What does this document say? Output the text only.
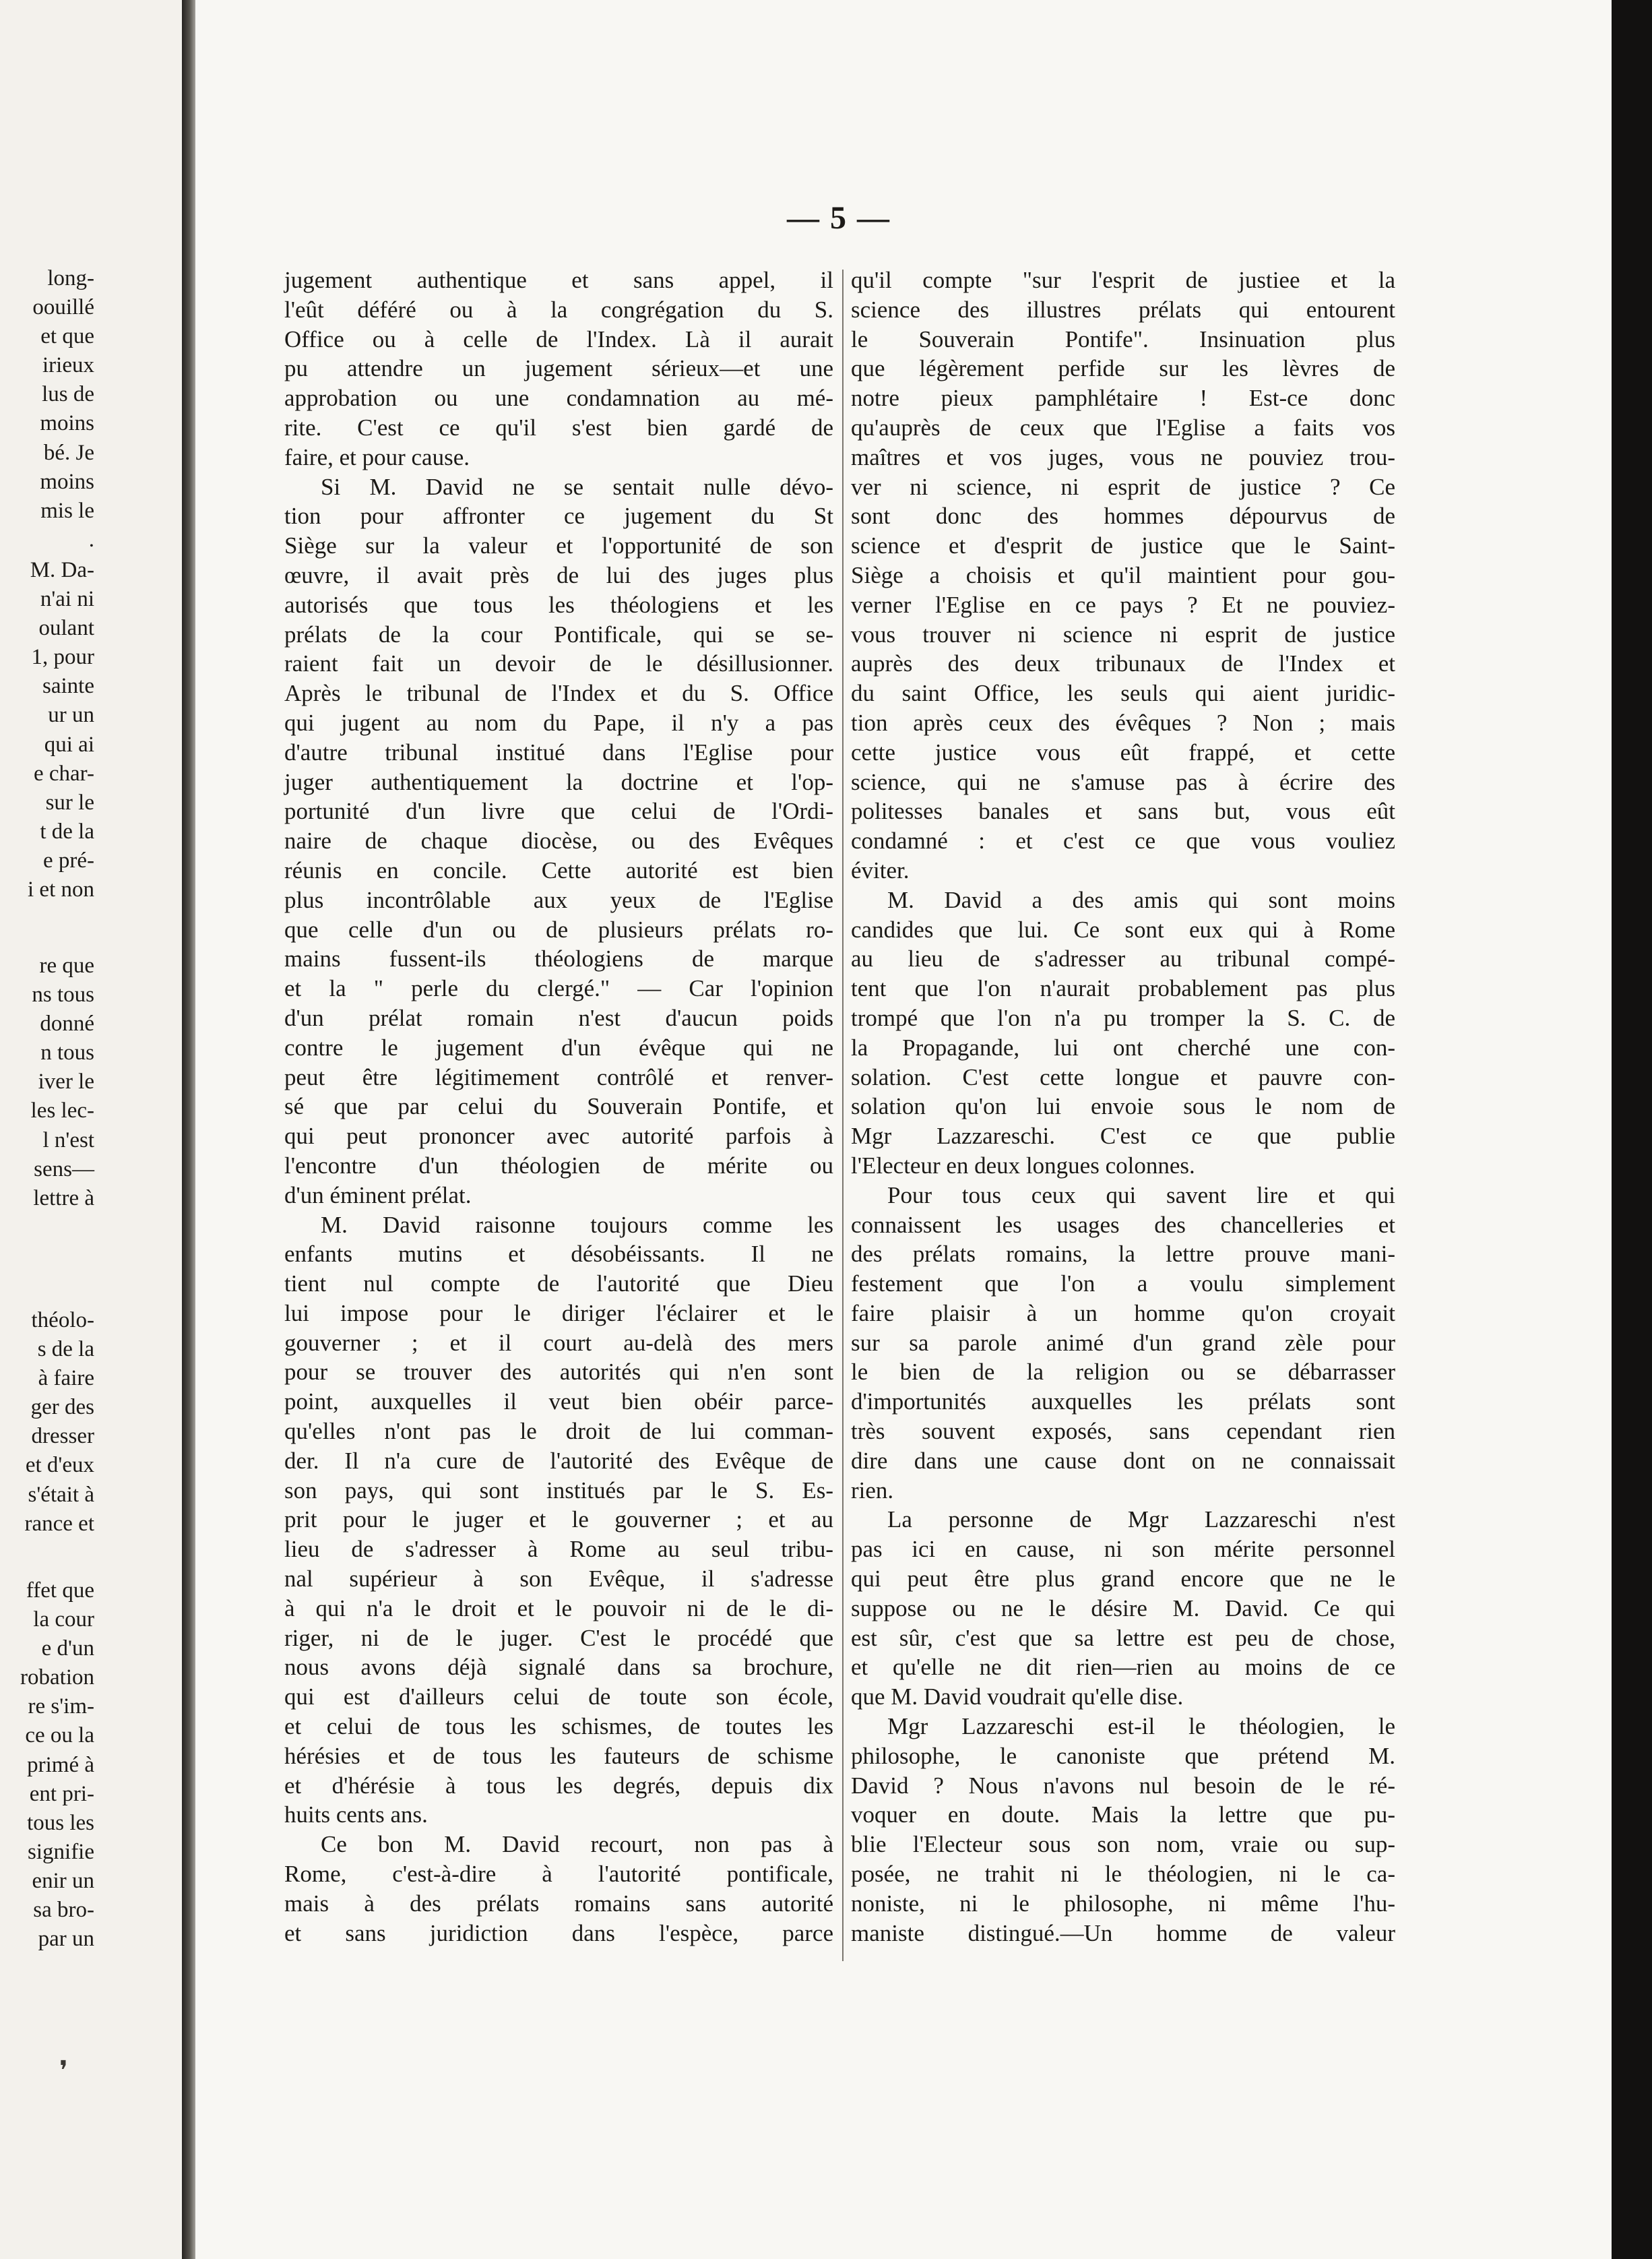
long-
oouillé
et que
irieux
lus de
moins
bé. Je
moins
mis le
.
M. Da-
n'ai ni
oulant
1, pour
sainte
ur un
qui ai
e char-
sur le
t de la
e pré-
i et non
re que
ns tous
donné
n tous
iver le
les lec-
l n'est
sens—
lettre à
théolo-
s de la
à faire
ger des
dresser
et d'eux
s'était à
rance et
ffet que
la cour
e d'un
robation
re s'im-
ce ou la
primé à
ent pri-
tous les
signifie
enir un
sa bro-
par un
— 5 —
jugement authentique et sans appel, il
l'eût déféré ou à la congrégation du S.
Office ou à celle de l'Index. Là il aurait
pu attendre un jugement sérieux—et une
approbation ou une condamnation au mé-
rite. C'est ce qu'il s'est bien gardé de
faire, et pour cause.
Si M. David ne se sentait nulle dévo-
tion pour affronter ce jugement du St
Siège sur la valeur et l'opportunité de son
œuvre, il avait près de lui des juges plus
autorisés que tous les théologiens et les
prélats de la cour Pontificale, qui se se-
raient fait un devoir de le désillusionner.
Après le tribunal de l'Index et du S. Office
qui jugent au nom du Pape, il n'y a pas
d'autre tribunal institué dans l'Eglise pour
juger authentiquement la doctrine et l'op-
portunité d'un livre que celui de l'Ordi-
naire de chaque diocèse, ou des Evêques
réunis en concile. Cette autorité est bien
plus incontrôlable aux yeux de l'Eglise
que celle d'un ou de plusieurs prélats ro-
mains fussent-ils théologiens de marque
et la " perle du clergé." — Car l'opinion
d'un prélat romain n'est d'aucun poids
contre le jugement d'un évêque qui ne
peut être légitimement contrôlé et renver-
sé que par celui du Souverain Pontife, et
qui peut prononcer avec autorité parfois à
l'encontre d'un théologien de mérite ou
d'un éminent prélat.
M. David raisonne toujours comme les
enfants mutins et désobéissants. Il ne
tient nul compte de l'autorité que Dieu
lui impose pour le diriger l'éclairer et le
gouverner ; et il court au-delà des mers
pour se trouver des autorités qui n'en sont
point, auxquelles il veut bien obéir parce-
qu'elles n'ont pas le droit de lui comman-
der. Il n'a cure de l'autorité des Evêque de
son pays, qui sont institués par le S. Es-
prit pour le juger et le gouverner ; et au
lieu de s'adresser à Rome au seul tribu-
nal supérieur à son Evêque, il s'adresse
à qui n'a le droit et le pouvoir ni de le di-
riger, ni de le juger. C'est le procédé que
nous avons déjà signalé dans sa brochure,
qui est d'ailleurs celui de toute son école,
et celui de tous les schismes, de toutes les
hérésies et de tous les fauteurs de schisme
et d'hérésie à tous les degrés, depuis dix
huits cents ans.
Ce bon M. David recourt, non pas à
Rome, c'est-à-dire à l'autorité pontificale,
mais à des prélats romains sans autorité
et sans juridiction dans l'espèce, parce
qu'il compte "sur l'esprit de justiee et la
science des illustres prélats qui entourent
le Souverain Pontife". Insinuation plus
que légèrement perfide sur les lèvres de
notre pieux pamphlétaire ! Est-ce donc
qu'auprès de ceux que l'Eglise a faits vos
maîtres et vos juges, vous ne pouviez trou-
ver ni science, ni esprit de justice ? Ce
sont donc des hommes dépourvus de
science et d'esprit de justice que le Saint-
Siège a choisis et qu'il maintient pour gou-
verner l'Eglise en ce pays ? Et ne pouviez-
vous trouver ni science ni esprit de justice
auprès des deux tribunaux de l'Index et
du saint Office, les seuls qui aient juridic-
tion après ceux des évêques ? Non ; mais
cette justice vous eût frappé, et cette
science, qui ne s'amuse pas à écrire des
politesses banales et sans but, vous eût
condamné : et c'est ce que vous vouliez
éviter.
M. David a des amis qui sont moins
candides que lui. Ce sont eux qui à Rome
au lieu de s'adresser au tribunal compé-
tent que l'on n'aurait probablement pas plus
trompé que l'on n'a pu tromper la S. C. de
la Propagande, lui ont cherché une con-
solation. C'est cette longue et pauvre con-
solation qu'on lui envoie sous le nom de
Mgr Lazzareschi. C'est ce que publie
l'Electeur en deux longues colonnes.
Pour tous ceux qui savent lire et qui
connaissent les usages des chancelleries et
des prélats romains, la lettre prouve mani-
festement que l'on a voulu simplement
faire plaisir à un homme qu'on croyait
sur sa parole animé d'un grand zèle pour
le bien de la religion ou se débarrasser
d'importunités auxquelles les prélats sont
très souvent exposés, sans cependant rien
dire dans une cause dont on ne connaissait
rien.
La personne de Mgr Lazzareschi n'est
pas ici en cause, ni son mérite personnel
qui peut être plus grand encore que ne le
suppose ou ne le désire M. David. Ce qui
est sûr, c'est que sa lettre est peu de chose,
et qu'elle ne dit rien—rien au moins de ce
que M. David voudrait qu'elle dise.
Mgr Lazzareschi est-il le théologien, le
philosophe, le canoniste que prétend M.
David ? Nous n'avons nul besoin de le ré-
voquer en doute. Mais la lettre que pu-
blie l'Electeur sous son nom, vraie ou sup-
posée, ne trahit ni le théologien, ni le ca-
noniste, ni le philosophe, ni même l'hu-
maniste distingué.—Un homme de valeur
❜
